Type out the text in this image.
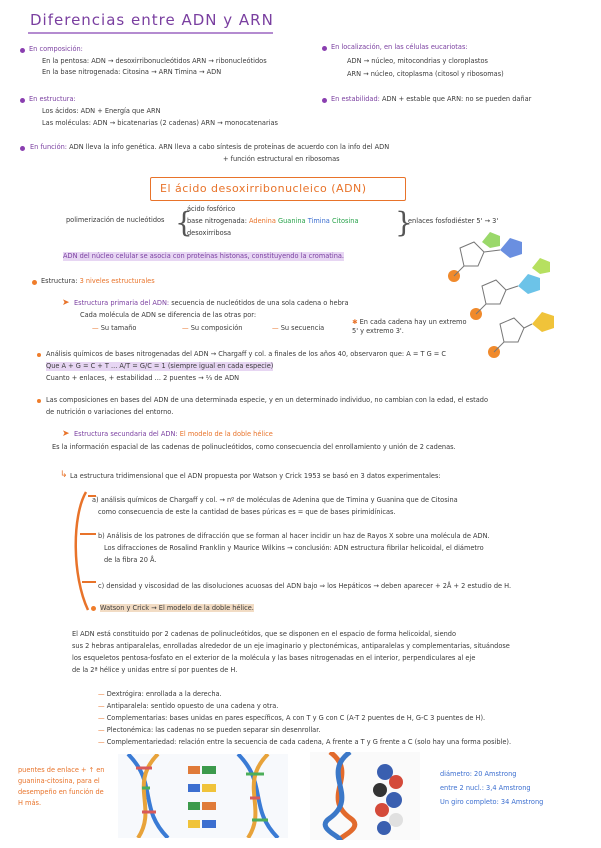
Diferencias entre ADN y ARN
En composición:
En la pentosa: ADN → desoxirribonucleótidos ARN → ribonucleótidos
En la base nitrogenada: Citosina → ARN Timina → ADN
En localización, en las células eucariotas:
ADN → núcleo, mitocondrias y cloroplastos
ARN → núcleo, citoplasma (citosol y ribosomas)
En estructura:
Los ácidos: ADN + Energía que ARN
Las moléculas: ADN → bicatenarias (2 cadenas) ARN → monocatenarias
En estabilidad: ADN + estable que ARN: no se pueden dañar
En función: ADN lleva la info genética. ARN lleva a cabo síntesis de proteínas de acuerdo con la info del ADN
+ función estructural en ribosomas
El ácido desoxirribonucleico (ADN)
polimerización de nucleótidos {
ácido fosfórico
base nitrogenada: Adenina Guanina Timina Citosina
desoxirribosa	}
enlaces fosfodiéster 5' → 3'
ADN del núcleo celular se asocia con proteínas histonas, constituyendo la cromatina.
Estructura: 3 niveles estructurales
➤ Estructura primaria del ADN: secuencia de nucleótidos de una sola cadena o hebra
Cada molécula de ADN se diferencia de las otras por:
— Su tamaño	— Su composición	— Su secuencia
✱ En cada cadena hay un extremo 5' y extremo 3'.
Análisis químicos de bases nitrogenadas del ADN → Chargaff y col. a finales de los años 40, observaron que: A = T G = C
Que A + G = C + T ... A/T = G/C = 1 (siempre igual en cada especie)
Cuanto + enlaces, + estabilidad ... 2 puentes → ⅔ de ADN
Las composiciones en bases del ADN de una determinada especie, y en un determinado individuo, no cambian con la edad, el estado
de nutrición o variaciones del entorno.
➤ Estructura secundaria del ADN: El modelo de la doble hélice
Es la información espacial de las cadenas de polinucleótidos, como consecuencia del enrollamiento y unión de 2 cadenas.
↳ La estructura tridimensional que el ADN propuesta por Watson y Crick 1953 se basó en 3 datos experimentales:
a) análisis químicos de Chargaff y col. → nº de moléculas de Adenina que de Timina y Guanina que de Citosina
como consecuencia de este la cantidad de bases púricas es = que de bases pirimidínicas.
b) Análisis de los patrones de difracción que se forman al hacer incidir un haz de Rayos X sobre una molécula de ADN.
Los difracciones de Rosalind Franklin y Maurice Wilkins → conclusión: ADN estructura fibrilar helicoidal, el diámetro
de la fibra 20 Å.
c) densidad y viscosidad de las disoluciones acuosas del ADN bajo ⇒ los Hepáticos → deben aparecer + 2Å + 2 estudio de H.
Watson y Crick → El modelo de la doble hélice.
El ADN está constituido por 2 cadenas de polinucleótidos, que se disponen en el espacio de forma helicoidal, siendo
sus 2 hebras antiparalelas, enrolladas alrededor de un eje imaginario y plectonémicas, antiparalelas y complementarias, situándose
los esqueletos pentosa-fosfato en el exterior de la molécula y las bases nitrogenadas en el interior, perpendiculares al eje
de la 2ª hélice y unidas entre sí por puentes de H.
— Dextrógira: enrollada a la derecha.
— Antiparalela: sentido opuesto de una cadena y otra.
— Complementarias: bases unidas en pares específicos, A con T y G con C (A-T 2 puentes de H, G-C 3 puentes de H).
— Plectonémica: las cadenas no se pueden separar sin desenrollar.
— Complementariedad: relación entre la secuencia de cada cadena, A frente a T y G frente a C (solo hay una forma posible).
puentes de enlace + ↑ en guanina-citosina, para el desempeño en función de H más.
diámetro: 20 Amstrong
entre 2 nucl.: 3,4 Amstrong
Un giro completo: 34 Amstrong
